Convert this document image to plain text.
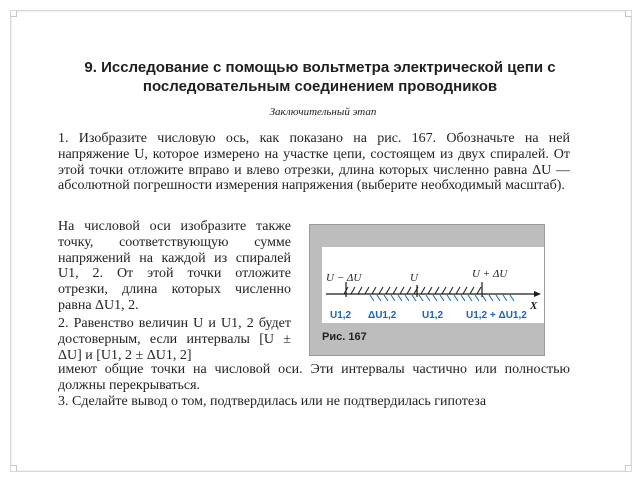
9. Исследование с помощью вольтметра электрической цепи с последовательным соединением проводников
Заключительный этап
1. Изобразите числовую ось, как показано на рис. 167. Обозначьте на ней напряжение U, которое измерено на участке цепи, состоящем из двух спиралей. От этой точки отложите вправо и влево отрезки, длина которых численно равна ΔU — абсолютной погрешности измерения напряжения (выберите необходимый масштаб).
На числовой оси изобразите также точку, соответствующую сумме напряжений на каждой из спиралей U1, 2. От этой точки отложите отрезки, длина которых численно равна ΔU1, 2.
2. Равенство величин U и U1, 2 будет достоверным, если интервалы [U ± ΔU] и [U1, 2 ± ΔU1, 2]
имеют общие точки на числовой оси. Эти интервалы частично или полностью должны перекрываться.
3. Сделайте вывод о том, подтвердилась или не подтвердилась гипотеза
U − ΔU	U	U + ΔU
X
U1,2 ΔU1,2	U1,2 U1,2 + ΔU1,2
Рис. 167
